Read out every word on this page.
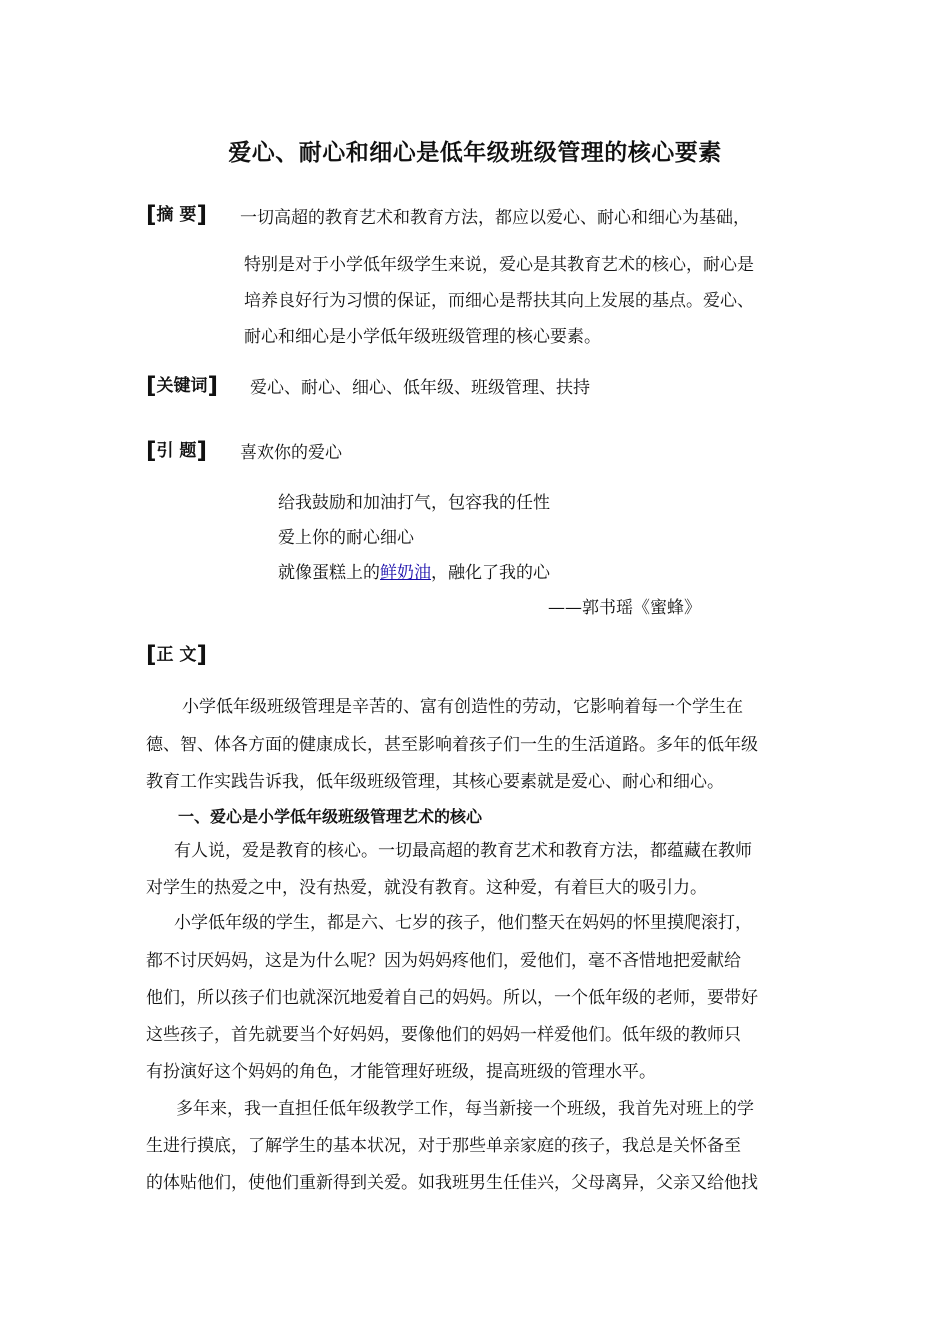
爱心、耐心和细心是低年级班级管理的核心要素
[摘 要] 一切高超的教育艺术和教育方法，都应以爱心、耐心和细心为基础，
特别是对于小学低年级学生来说，爱心是其教育艺术的核心，耐心是
培养良好行为习惯的保证，而细心是帮扶其向上发展的基点。爱心、
耐心和细心是小学低年级班级管理的核心要素。
[关键词] 爱心、耐心、细心、低年级、班级管理、扶持
[引 题] 喜欢你的爱心
给我鼓励和加油打气，包容我的任性
爱上你的耐心细心
就像蛋糕上的鲜奶油，融化了我的心
——郭书瑶《蜜蜂》
[正 文]
小学低年级班级管理是辛苦的、富有创造性的劳动，它影响着每一个学生在
德、智、体各方面的健康成长，甚至影响着孩子们一生的生活道路。多年的低年级
教育工作实践告诉我，低年级班级管理，其核心要素就是爱心、耐心和细心。
一、爱心是小学低年级班级管理艺术的核心
有人说，爱是教育的核心。一切最高超的教育艺术和教育方法，都蕴藏在教师
对学生的热爱之中，没有热爱，就没有教育。这种爱，有着巨大的吸引力。
小学低年级的学生，都是六、七岁的孩子，他们整天在妈妈的怀里摸爬滚打，
都不讨厌妈妈，这是为什么呢？因为妈妈疼他们，爱他们，毫不吝惜地把爱献给
他们，所以孩子们也就深沉地爱着自己的妈妈。所以，一个低年级的老师，要带好
这些孩子，首先就要当个好妈妈，要像他们的妈妈一样爱他们。低年级的教师只
有扮演好这个妈妈的角色，才能管理好班级，提高班级的管理水平。
多年来，我一直担任低年级教学工作，每当新接一个班级，我首先对班上的学
生进行摸底，了解学生的基本状况，对于那些单亲家庭的孩子，我总是关怀备至
的体贴他们，使他们重新得到关爱。如我班男生任佳兴，父母离异，父亲又给他找
